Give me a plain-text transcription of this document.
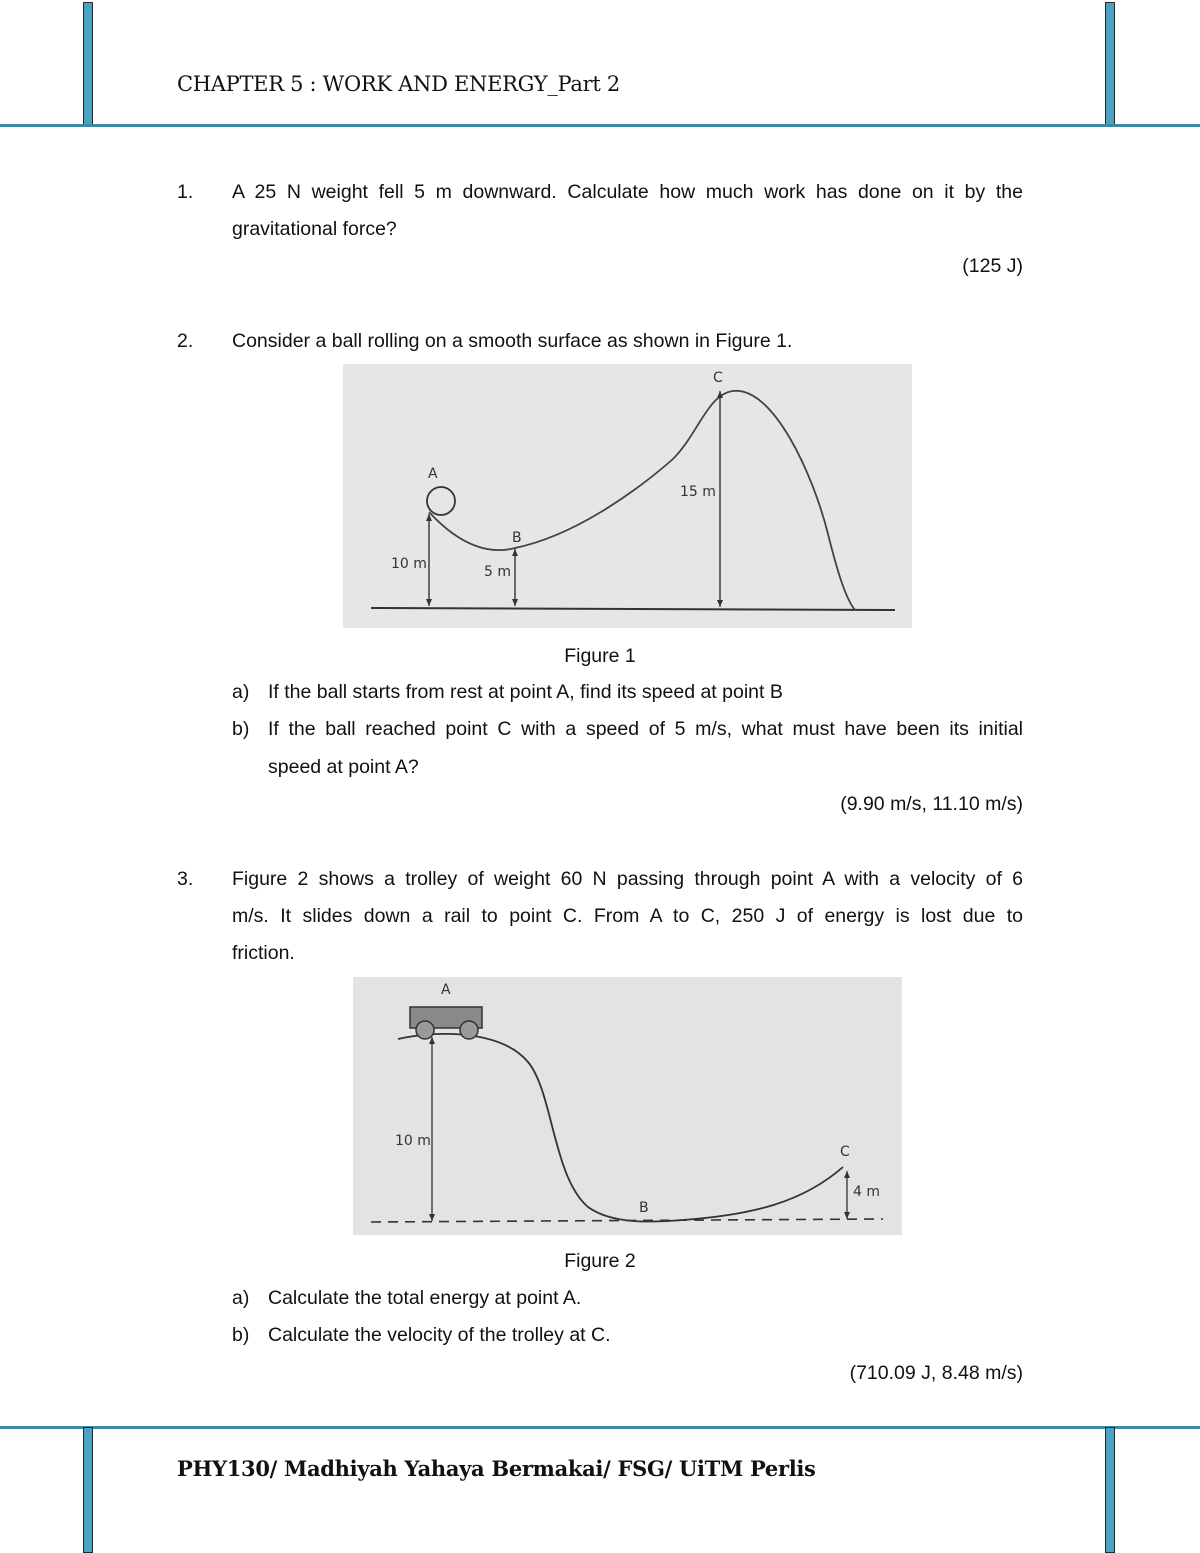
CHAPTER 5 : WORK AND ENERGY_Part 2
PHY130/ Madhiyah Yahaya Bermakai/ FSG/ UiTM Perlis
1. A 25 N weight fell 5 m downward. Calculate how much work has done on it by the
gravitational force?
(125 J)
2. Consider a ball rolling on a smooth surface as shown in Figure 1.
A
B
C
10 m	5 m
15 m
Figure 1
a) If the ball starts from rest at point A, find its speed at point B
b) If the ball reached point C with a speed of 5 m/s, what must have been its initial
speed at point A?
(9.90 m/s, 11.10 m/s)
3. Figure 2 shows a trolley of weight 60 N passing through point A with a velocity of 6
m/s. It slides down a rail to point C. From A to C, 250 J of energy is lost due to
friction.
A
B
C
10 m
4 m
Figure 2
a) Calculate the total energy at point A.
b) Calculate the velocity of the trolley at C.
(710.09 J, 8.48 m/s)
